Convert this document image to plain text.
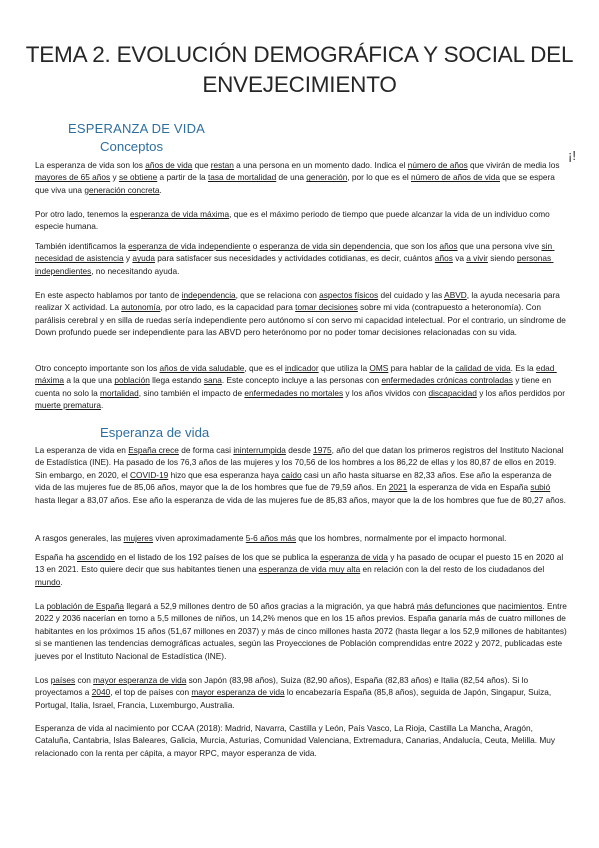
TEMA 2. EVOLUCIÓN DEMOGRÁFICA Y SOCIAL DEL ENVEJECIMIENTO
ESPERANZA DE VIDA
¡!
Conceptos

La esperanza de vida son los años de vida que restan a una persona en un momento dado. Indica el número de años que vivirán de media los mayores de 65 años y se obtiene a partir de la tasa de mortalidad de una generación, por lo que es el número de años de vida que se espera que viva una generación concreta.

Por otro lado, tenemos la esperanza de vida máxima, que es el máximo periodo de tiempo que puede alcanzar la vida de un individuo como especie humana.

También identificamos la esperanza de vida independiente o esperanza de vida sin dependencia, que son los años que una persona vive sin necesidad de asistencia y ayuda para satisfacer sus necesidades y actividades cotidianas, es decir, cuántos años va a vivir siendo personas independientes, no necesitando ayuda.

En este aspecto hablamos por tanto de independencia, que se relaciona con aspectos físicos del cuidado y las ABVD, la ayuda necesaria para realizar X actividad. La autonomía, por otro lado, es la capacidad para tomar decisiones sobre mi vida (contrapuesto a heteronomía). Con parálisis cerebral y en silla de ruedas sería independiente pero autónomo sí con servo mi capacidad intelectual. Por el contrario, un síndrome de Down profundo puede ser independiente para las ABVD pero heterónomo por no poder tomar decisiones relacionadas con su vida.

Otro concepto importante son los años de vida saludable, que es el indicador que utiliza la OMS para hablar de la calidad de vida. Es la edad máxima a la que una población llega estando sana. Este concepto incluye a las personas con enfermedades crónicas controladas y tiene en cuenta no solo la mortalidad, sino también el impacto de enfermedades no mortales y los años vividos con discapacidad y los años perdidos por muerte prematura.

Esperanza de vida

La esperanza de vida en España crece de forma casi ininterrumpida desde 1975, año del que datan los primeros registros del Instituto Nacional de Estadística (INE). Ha pasado de los 76,3 años de las mujeres y los 70,56 de los hombres a los 86,22 de ellas y los 80,87 de ellos en 2019. Sin embargo, en 2020, el COVID-19 hizo que esa esperanza haya caído casi un año hasta situarse en 82,33 años. Ese año la esperanza de vida de las mujeres fue de 85,06 años, mayor que la de los hombres que fue de 79,59 años. En 2021 la esperanza de vida en España subió hasta llegar a 83,07 años. Ese año la esperanza de vida de las mujeres fue de 85,83 años, mayor que la de los hombres que fue de 80,27 años.

A rasgos generales, las mujeres viven aproximadamente 5-6 años más que los hombres, normalmente por el impacto hormonal.

España ha ascendido en el listado de los 192 países de los que se publica la esperanza de vida y ha pasado de ocupar el puesto 15 en 2020 al 13 en 2021. Esto quiere decir que sus habitantes tienen una esperanza de vida muy alta en relación con la del resto de los ciudadanos del mundo.

La población de España llegará a 52,9 millones dentro de 50 años gracias a la migración, ya que habrá más defunciones que nacimientos. Entre 2022 y 2036 nacerían en torno a 5,5 millones de niños, un 14,2% menos que en los 15 años previos. España ganaría más de cuatro millones de habitantes en los próximos 15 años (51,67 millones en 2037) y más de cinco millones hasta 2072 (hasta llegar a los 52,9 millones de habitantes) si se mantienen las tendencias demográficas actuales, según las Proyecciones de Población comprendidas entre 2022 y 2072, publicadas este jueves por el Instituto Nacional de Estadística (INE).

Los países con mayor esperanza de vida son Japón (83,98 años), Suiza (82,90 años), España (82,83 años) e Italia (82,54 años). Si lo proyectamos a 2040, el top de países con mayor esperanza de vida lo encabezaría España (85,8 años), seguida de Japón, Singapur, Suiza, Portugal, Italia, Israel, Francia, Luxemburgo, Australia.

Esperanza de vida al nacimiento por CCAA (2018): Madrid, Navarra, Castilla y León, País Vasco, La Rioja, Castilla La Mancha, Aragón, Cataluña, Cantabria, Islas Baleares, Galicia, Murcia, Asturias, Comunidad Valenciana, Extremadura, Canarias, Andalucía, Ceuta, Melilla. Muy relacionado con la renta per cápita, a mayor RPC, mayor esperanza de vida.
